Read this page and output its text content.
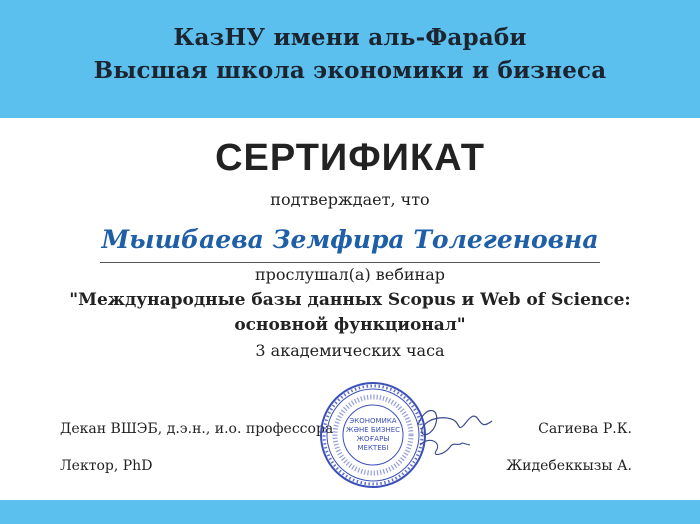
КазНУ имени аль-Фараби
Высшая школа экономики и бизнеса
СЕРТИФИКАТ
подтверждает, что
Мышбаева Земфира Толегеновна
прослушал(а) вебинар
"Международные базы данных Scopus и Web of Science:
основной функционал"
3 академических часа
Декан ВШЭБ, д.э.н., и.о. профессора	Сагиева Р.К.
Лектор, PhD	Жидебеккызы А.
ЭКОНОМИКА
ЖӘНЕ БИЗНЕС
ЖОҒАРЫ
МЕКТЕБІ
